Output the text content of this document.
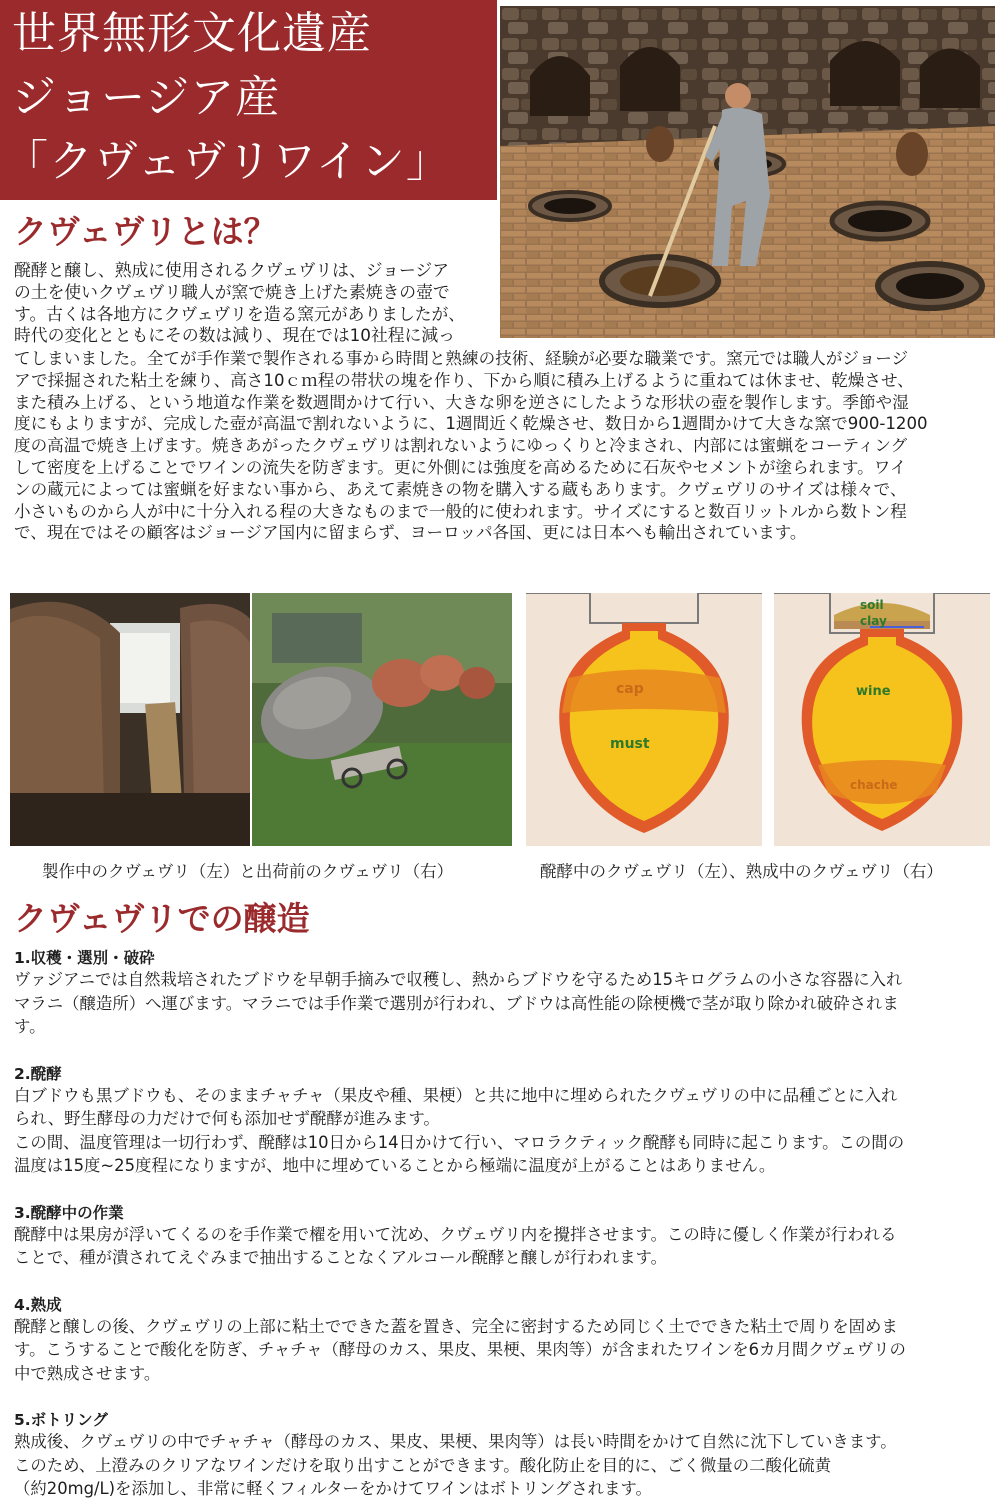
世界無形文化遺産
ジョージア産
「クヴェヴリワイン」
クヴェヴリとは？
醗酵と醸し、熟成に使用されるクヴェヴリは、ジョージア
の土を使いクヴェヴリ職人が窯で焼き上げた素焼きの壺で
す。古くは各地方にクヴェヴリを造る窯元がありましたが、
時代の変化とともにその数は減り、現在では10社程に減っ
てしまいました。全てが手作業で製作される事から時間と熟練の技術、経験が必要な職業です。窯元では職人がジョージ
アで採掘された粘土を練り、高さ10ｃｍ程の帯状の塊を作り、下から順に積み上げるように重ねては休ませ、乾燥させ、
また積み上げる、という地道な作業を数週間かけて行い、大きな卵を逆さにしたような形状の壺を製作します。季節や湿
度にもよりますが、完成した壺が高温で割れないように、1週間近く乾燥させ、数日から1週間かけて大きな窯で900-1200
度の高温で焼き上げます。焼きあがったクヴェヴリは割れないようにゆっくりと冷まされ、内部には蜜蝋をコーティング
して密度を上げることでワインの流失を防ぎます。更に外側には強度を高めるために石灰やセメントが塗られます。ワイ
ンの蔵元によっては蜜蝋を好まない事から、あえて素焼きの物を購入する蔵もあります。クヴェヴリのサイズは様々で、
小さいものから人が中に十分入れる程の大きなものまで一般的に使われます。サイズにすると数百リットルから数トン程
で、現在ではその顧客はジョージア国内に留まらず、ヨーロッパ各国、更には日本へも輸出されています。
cap
must
soil
clay
wine
chache
製作中のクヴェヴリ（左）と出荷前のクヴェヴリ（右）	醗酵中のクヴェヴリ（左）、熟成中のクヴェヴリ（右）
クヴェヴリでの醸造
1.収穫・選別・破砕
ヴァジアニでは自然栽培されたブドウを早朝手摘みで収穫し、熱からブドウを守るため15キログラムの小さな容器に入れ
マラニ（醸造所）へ運びます。マラニでは手作業で選別が行われ、ブドウは高性能の除梗機で茎が取り除かれ破砕されま
す。
2.醗酵
白ブドウも黒ブドウも、そのままチャチャ（果皮や種、果梗）と共に地中に埋められたクヴェヴリの中に品種ごとに入れ
られ、野生酵母の力だけで何も添加せず醗酵が進みます。
この間、温度管理は一切行わず、醗酵は10日から14日かけて行い、マロラクティック醗酵も同時に起こります。この間の
温度は15度~25度程になりますが、地中に埋めていることから極端に温度が上がることはありません。
3.醗酵中の作業
醗酵中は果房が浮いてくるのを手作業で櫂を用いて沈め、クヴェヴリ内を攪拌させます。この時に優しく作業が行われる
ことで、種が潰されてえぐみまで抽出することなくアルコール醗酵と醸しが行われます。
4.熟成
醗酵と醸しの後、クヴェヴリの上部に粘土でできた蓋を置き、完全に密封するため同じく土でできた粘土で周りを固めま
す。こうすることで酸化を防ぎ、チャチャ（酵母のカス、果皮、果梗、果肉等）が含まれたワインを6カ月間クヴェヴリの
中で熟成させます。
5.ボトリング
熟成後、クヴェヴリの中でチャチャ（酵母のカス、果皮、果梗、果肉等）は長い時間をかけて自然に沈下していきます。
このため、上澄みのクリアなワインだけを取り出すことができます。酸化防止を目的に、ごく微量の二酸化硫黄
（約20mg/L)を添加し、非常に軽くフィルターをかけてワインはボトリングされます。
